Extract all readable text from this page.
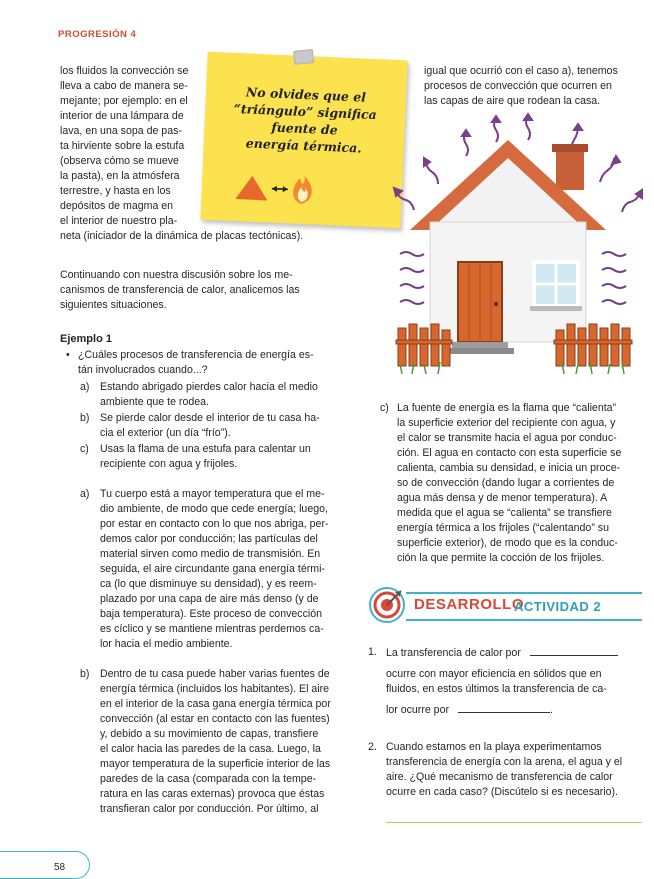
PROGRESIÓN 4
los fluidos la convección se
lleva a cabo de manera se-
mejante; por ejemplo: en el
interior de una lámpara de
lava, en una sopa de pas-
ta hirviente sobre la estufa
(observa cómo se mueve
la pasta), en la atmósfera
terrestre, y hasta en los
depósitos de magma en
el interior de nuestro pla-
neta (iniciador de la dinámica de placas tectónicas).
No olvides que el
“triángulo” significa
fuente de
energía térmica.
Continuando con nuestra discusión sobre los me-
canismos de transferencia de calor, analicemos las
siguientes situaciones.
Ejemplo 1
• ¿Cuáles procesos de transferencia de energía es-
tán involucrados cuando...?
a) Estando abrigado pierdes calor hacia el medio
ambiente que te rodea.
b) Se pierde calor desde el interior de tu casa ha-
cia el exterior (un día “frío”).
c) Usas la flama de una estufa para calentar un
recipiente con agua y frijoles.
a) Tu cuerpo está a mayor temperatura que el me-
dio ambiente, de modo que cede energía; luego,
por estar en contacto con lo que nos abriga, per-
demos calor por conducción; las partículas del
material sirven como medio de transmisión. En
seguida, el aire circundante gana energía térmi-
ca (lo que disminuye su densidad), y es reem-
plazado por una capa de aire más denso (y de
baja temperatura). Este proceso de convección
es cíclico y se mantiene mientras perdemos ca-
lor hacia el medio ambiente.
b) Dentro de tu casa puede haber varias fuentes de
energía térmica (incluidos los habitantes). El aire
en el interior de la casa gana energía térmica por
convección (al estar en contacto con las fuentes)
y, debido a su movimiento de capas, transfiere
el calor hacia las paredes de la casa. Luego, la
mayor temperatura de la superficie interior de las
paredes de la casa (comparada con la tempe-
ratura en las caras externas) provoca que éstas
transfieran calor por conducción. Por último, al
igual que ocurrió con el caso a), tenemos
procesos de convección que ocurren en
las capas de aire que rodean la casa.
c) La fuente de energía es la flama que “calienta”
la superficie exterior del recipiente con agua, y
el calor se transmite hacia el agua por conduc-
ción. El agua en contacto con esta superficie se
calienta, cambia su densidad, e inicia un proce-
so de convección (dando lugar a corrientes de
agua más densa y de menor temperatura). A
medida que el agua se “calienta” se transfiere
energía térmica a los frijoles (“calentando” su
superficie exterior), de modo que es la conduc-
ción la que permite la cocción de los frijoles.
DESARROLLO
ACTIVIDAD 2
1. La transferencia de calor por
ocurre con mayor eficiencia en sólidos que en
fluidos, en estos últimos la transferencia de ca-
lor ocurre por	.
2. Cuando estamos en la playa experimentamos
transferencia de energía con la arena, el agua y el
aire. ¿Qué mecanismo de transferencia de calor
ocurre en cada caso? (Discútelo si es necesario).
58
